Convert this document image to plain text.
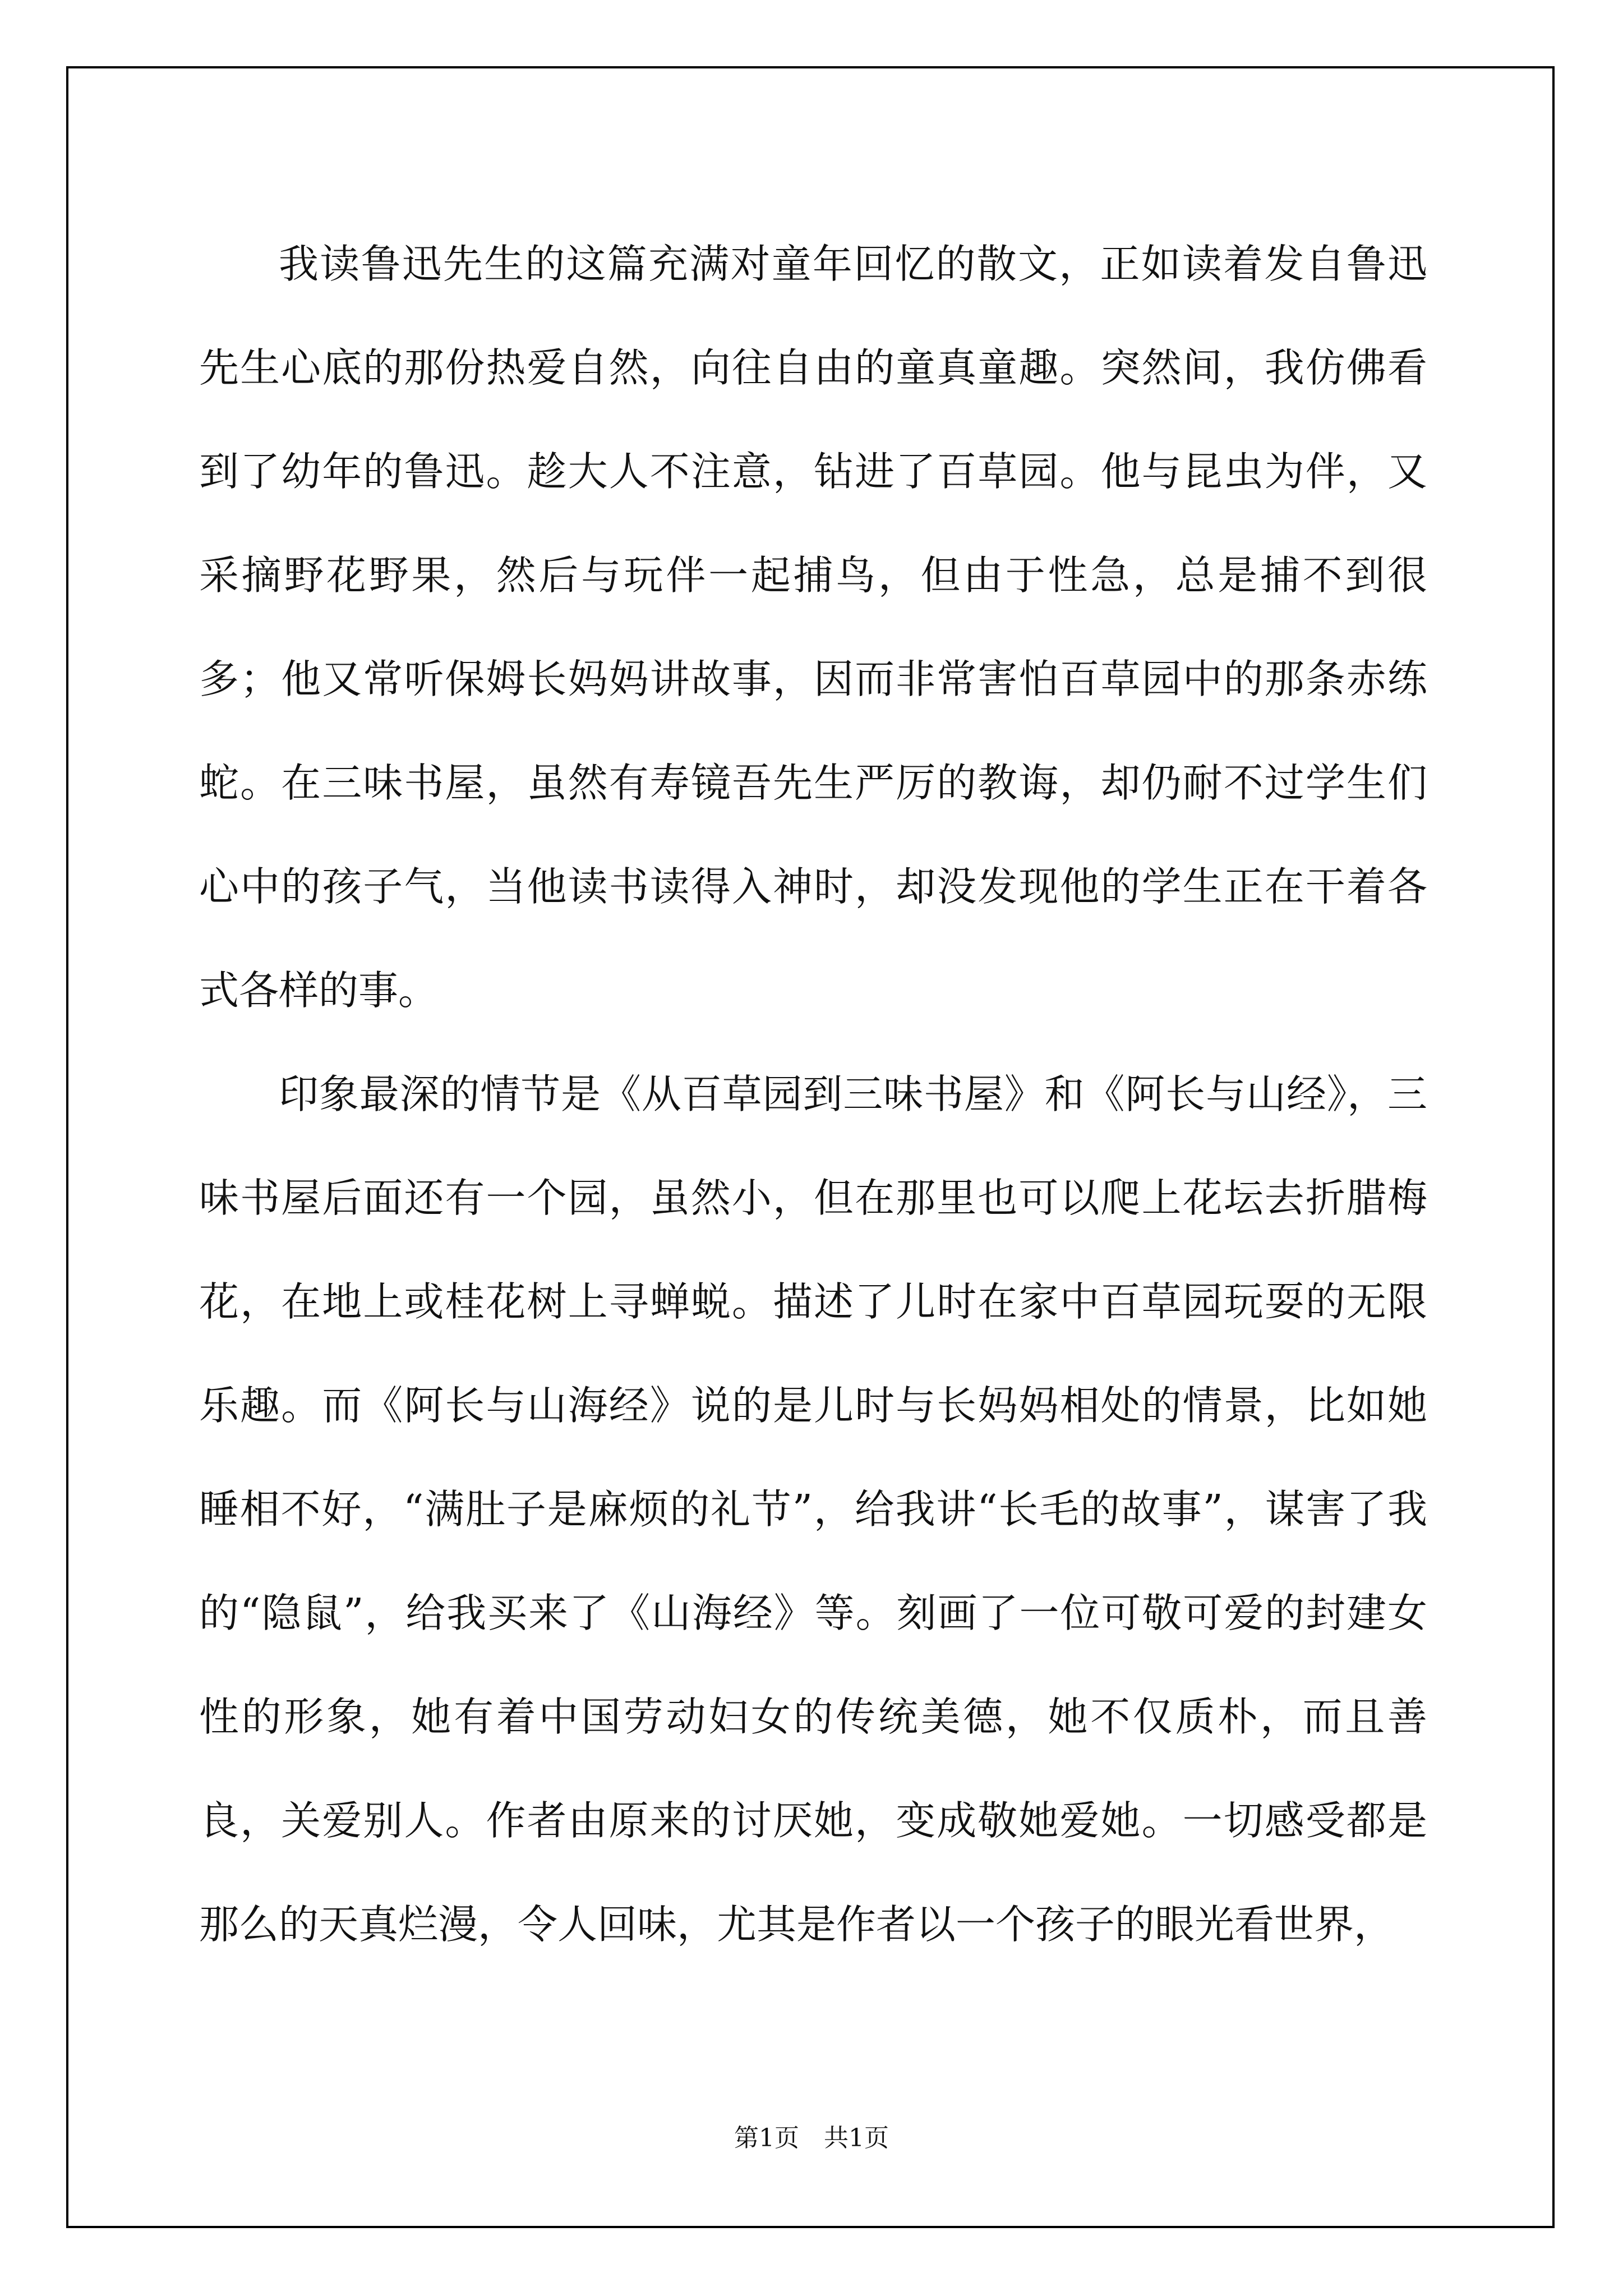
我读鲁迅先生的这篇充满对童年回忆的散文，正如读着发自鲁迅先生心底的那份热爱自然，向往自由的童真童趣。突然间，我仿佛看到了幼年的鲁迅。趁大人不注意，钻进了百草园。他与昆虫为伴，又采摘野花野果，然后与玩伴一起捕鸟，但由于性急，总是捕不到很多；他又常听保姆长妈妈讲故事，因而非常害怕百草园中的那条赤练蛇。在三味书屋，虽然有寿镜吾先生严厉的教诲，却仍耐不过学生们心中的孩子气，当他读书读得入神时，却没发现他的学生正在干着各式各样的事。

印象最深的情节是《从百草园到三味书屋》和《阿长与山经》，三味书屋后面还有一个园，虽然小，但在那里也可以爬上花坛去折腊梅花，在地上或桂花树上寻蝉蜕。描述了儿时在家中百草园玩耍的无限乐趣。而《阿长与山海经》说的是儿时与长妈妈相处的情景，比如她睡相不好，“满肚子是麻烦的礼节”，给我讲“长毛的故事”，谋害了我的“隐鼠”，给我买来了《山海经》等。刻画了一位可敬可爱的封建女性的形象，她有着中国劳动妇女的传统美德，她不仅质朴，而且善良，关爱别人。作者由原来的讨厌她，变成敬她爱她。一切感受都是那么的天真烂漫，令人回味，尤其是作者以一个孩子的眼光看世界，

第1页　共1页
